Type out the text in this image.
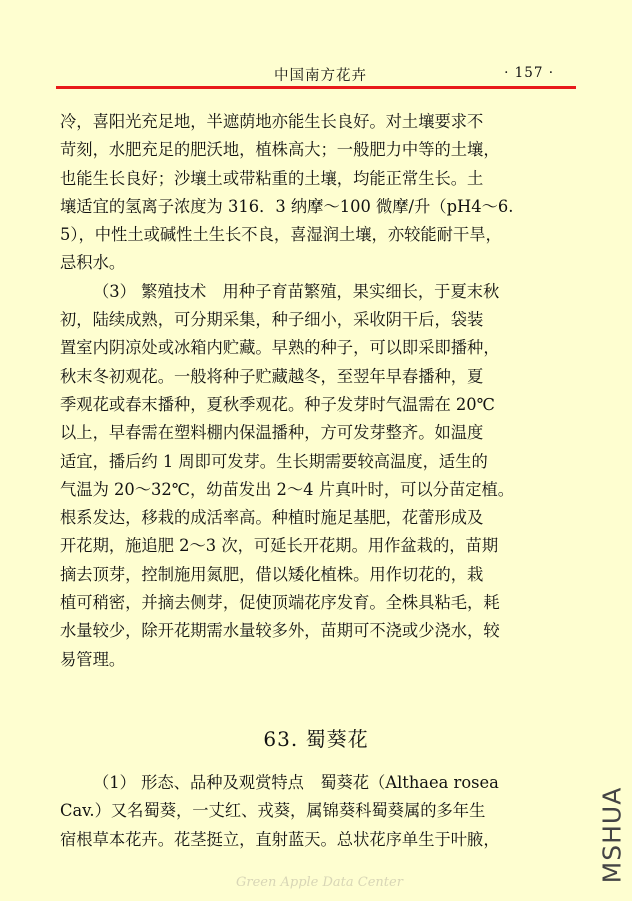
中国南方花卉	· 157 ·
冷，喜阳光充足地，半遮荫地亦能生长良好。对土壤要求不
苛刻，水肥充足的肥沃地，植株高大；一般肥力中等的土壤，
也能生长良好；沙壤土或带粘重的土壤，均能正常生长。土
壤适宜的氢离子浓度为 316．3 纳摩～100 微摩/升（pH4～6.
5），中性土或碱性土生长不良，喜湿润土壤，亦较能耐干旱，
忌积水。
（3） 繁殖技术　用种子育苗繁殖，果实细长，于夏末秋
初，陆续成熟，可分期采集，种子细小，采收阴干后，袋装
置室内阴凉处或冰箱内贮藏。早熟的种子，可以即采即播种，
秋末冬初观花。一般将种子贮藏越冬，至翌年早春播种，夏
季观花或春末播种，夏秋季观花。种子发芽时气温需在 20℃
以上，早春需在塑料棚内保温播种，方可发芽整齐。如温度
适宜，播后约 1 周即可发芽。生长期需要较高温度，适生的
气温为 20～32℃，幼苗发出 2～4 片真叶时，可以分苗定植。
根系发达，移栽的成活率高。种植时施足基肥，花蕾形成及
开花期，施追肥 2～3 次，可延长开花期。用作盆栽的，苗期
摘去顶芽，控制施用氮肥，借以矮化植株。用作切花的，栽
植可稍密，并摘去侧芽，促使顶端花序发育。全株具粘毛，耗
水量较少，除开花期需水量较多外，苗期可不浇或少浇水，较
易管理。
63. 蜀葵花
（1） 形态、品种及观赏特点　蜀葵花（Althaea rosea
Cav.）又名蜀葵，一丈红、戎葵，属锦葵科蜀葵属的多年生
宿根草本花卉。花茎挺立，直射蓝天。总状花序单生于叶腋，
Green Apple Data Center	MSHUA
